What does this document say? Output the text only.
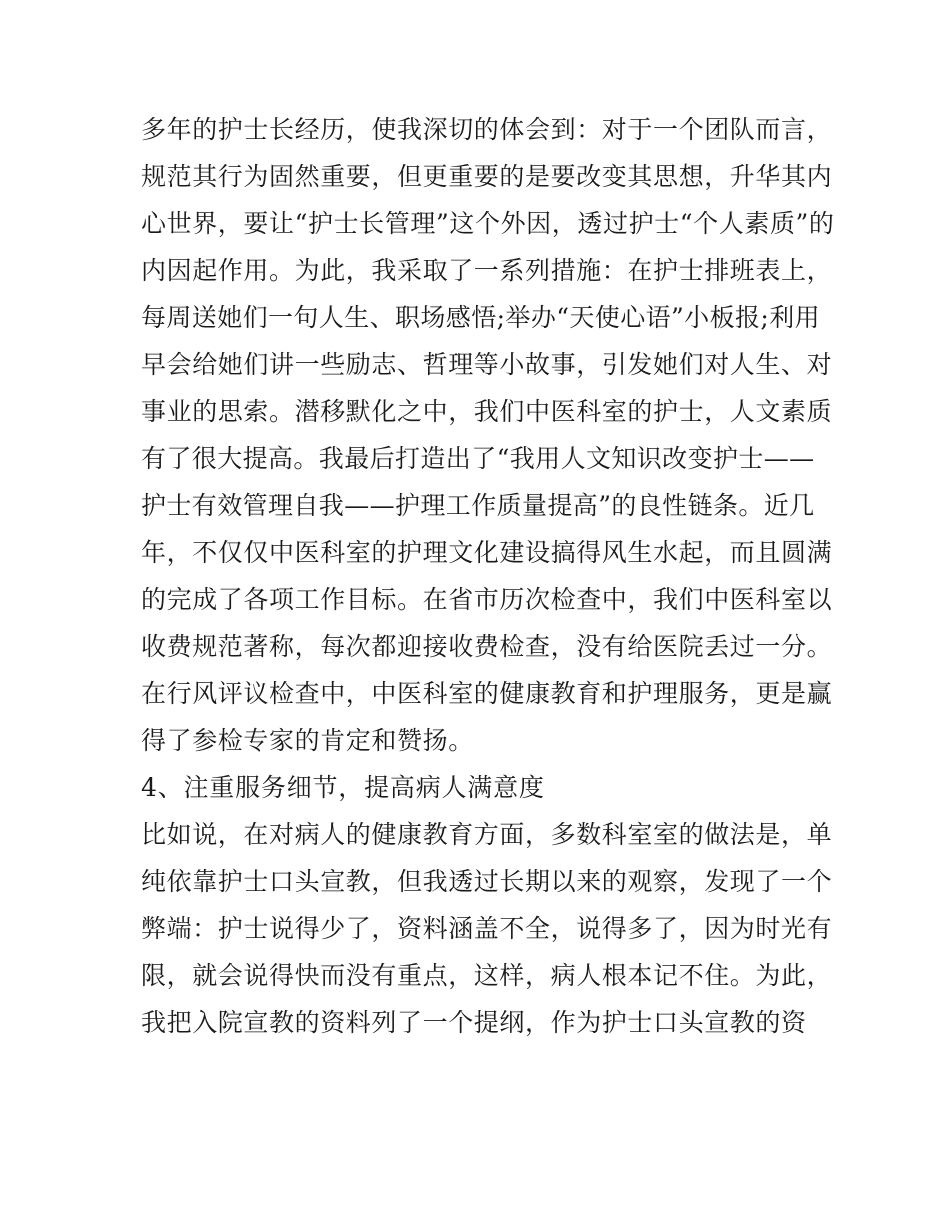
多年的护士长经历，使我深切的体会到：对于一个团队而言，
规范其行为固然重要，但更重要的是要改变其思想，升华其内
心世界，要让“护士长管理”这个外因，透过护士“个人素质”的
内因起作用。为此，我采取了一系列措施：在护士排班表上，
每周送她们一句人生、职场感悟;举办“天使心语”小板报;利用
早会给她们讲一些励志、哲理等小故事，引发她们对人生、对
事业的思索。潜移默化之中，我们中医科室的护士，人文素质
有了很大提高。我最后打造出了“我用人文知识改变护士——
护士有效管理自我——护理工作质量提高”的良性链条。近几
年，不仅仅中医科室的护理文化建设搞得风生水起，而且圆满
的完成了各项工作目标。在省市历次检查中，我们中医科室以
收费规范著称，每次都迎接收费检查，没有给医院丢过一分。
在行风评议检查中，中医科室的健康教育和护理服务，更是赢
得了参检专家的肯定和赞扬。
4、注重服务细节，提高病人满意度
比如说，在对病人的健康教育方面，多数科室室的做法是，单
纯依靠护士口头宣教，但我透过长期以来的观察，发现了一个
弊端：护士说得少了，资料涵盖不全，说得多了，因为时光有
限，就会说得快而没有重点，这样，病人根本记不住。为此，
我把入院宣教的资料列了一个提纲，作为护士口头宣教的资
